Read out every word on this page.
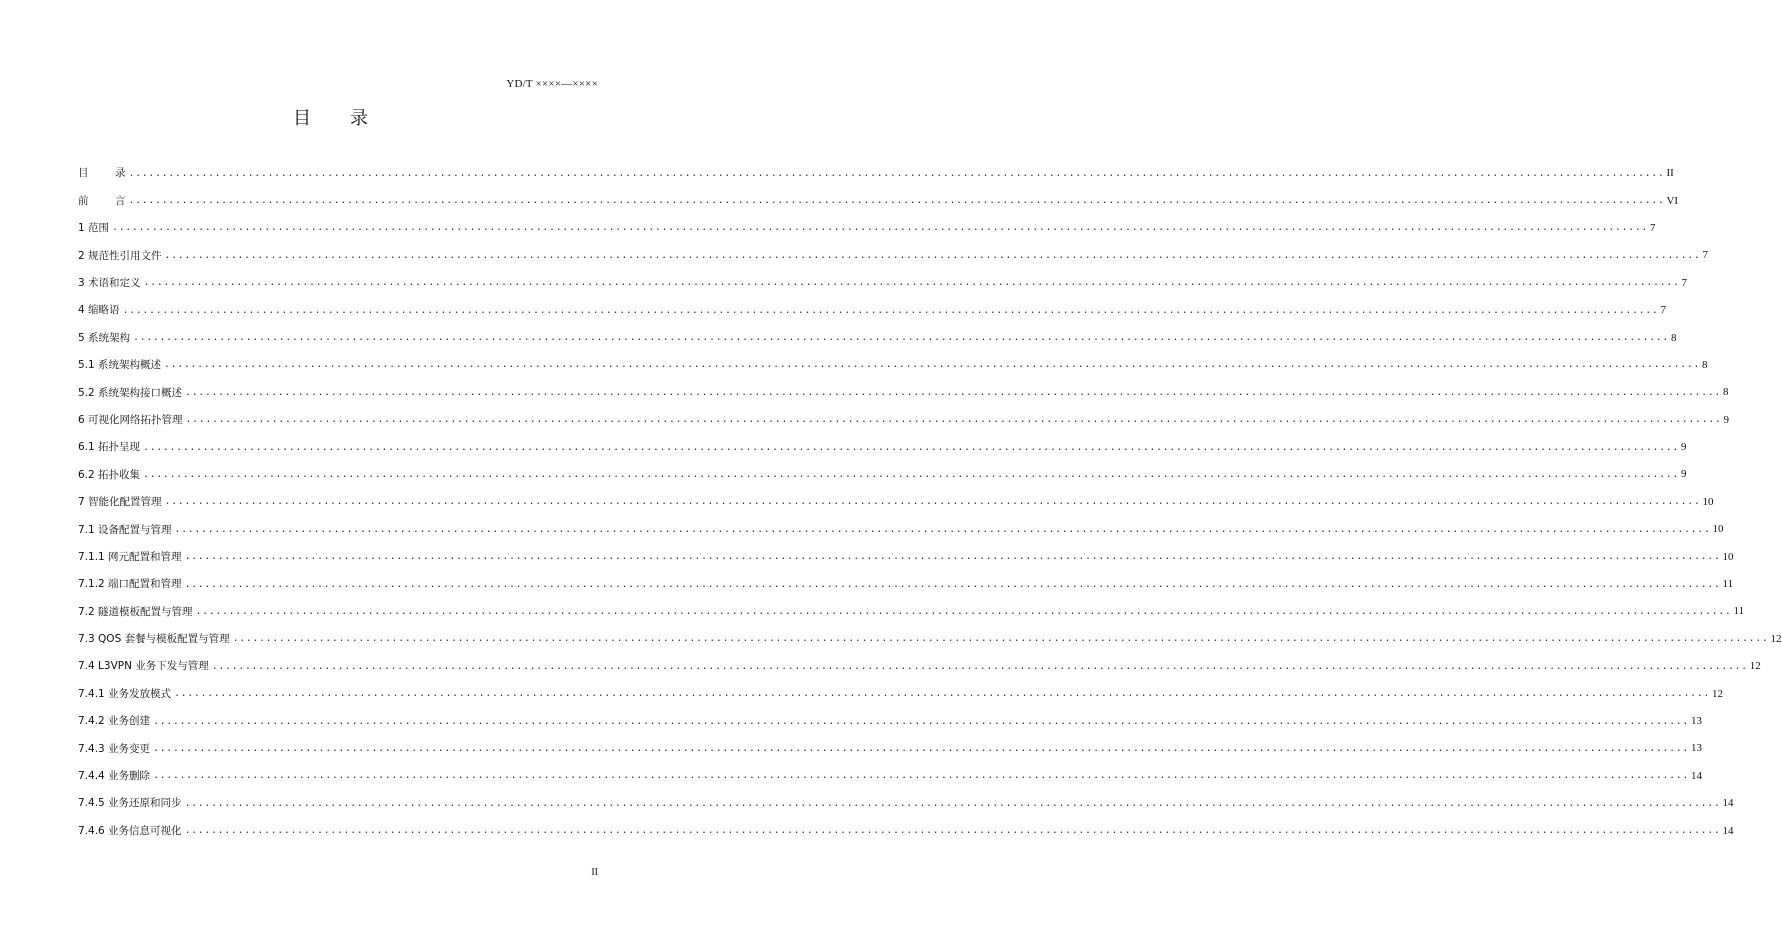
YD/T ××××—××××
目 录
目	录 ........................................................................................................................................................................................................................................ II
前	言 ........................................................................................................................................................................................................................................ VI
1 范围 ........................................................................................................................................................................................................................................ 7
2 规范性引用文件 ........................................................................................................................................................................................................................................ 7
3 术语和定义 ........................................................................................................................................................................................................................................ 7
4 缩略语 ........................................................................................................................................................................................................................................ 7
5 系统架构 ........................................................................................................................................................................................................................................ 8
5.1 系统架构概述 ........................................................................................................................................................................................................................................ 8
5.2 系统架构接口概述 ........................................................................................................................................................................................................................................ 8
6 可视化网络拓扑管理 ........................................................................................................................................................................................................................................ 9
6.1 拓扑呈现 ........................................................................................................................................................................................................................................ 9
6.2 拓扑收集 ........................................................................................................................................................................................................................................ 9
7 智能化配置管理 ........................................................................................................................................................................................................................................ 10
7.1 设备配置与管理 ........................................................................................................................................................................................................................................ 10
7.1.1 网元配置和管理 ........................................................................................................................................................................................................................................ 10
7.1.2 端口配置和管理 ........................................................................................................................................................................................................................................ 11
7.2 隧道模板配置与管理 ........................................................................................................................................................................................................................................ 11
7.3 QOS 套餐与模板配置与管理 ........................................................................................................................................................................................................................................ 12
7.4 L3VPN 业务下发与管理 ........................................................................................................................................................................................................................................ 12
7.4.1 业务发放模式 ........................................................................................................................................................................................................................................ 12
7.4.2 业务创建 ........................................................................................................................................................................................................................................ 13
7.4.3 业务变更 ........................................................................................................................................................................................................................................ 13
7.4.4 业务删除 ........................................................................................................................................................................................................................................ 14
7.4.5 业务还原和同步 ........................................................................................................................................................................................................................................ 14
7.4.6 业务信息可视化 ........................................................................................................................................................................................................................................ 14
II
